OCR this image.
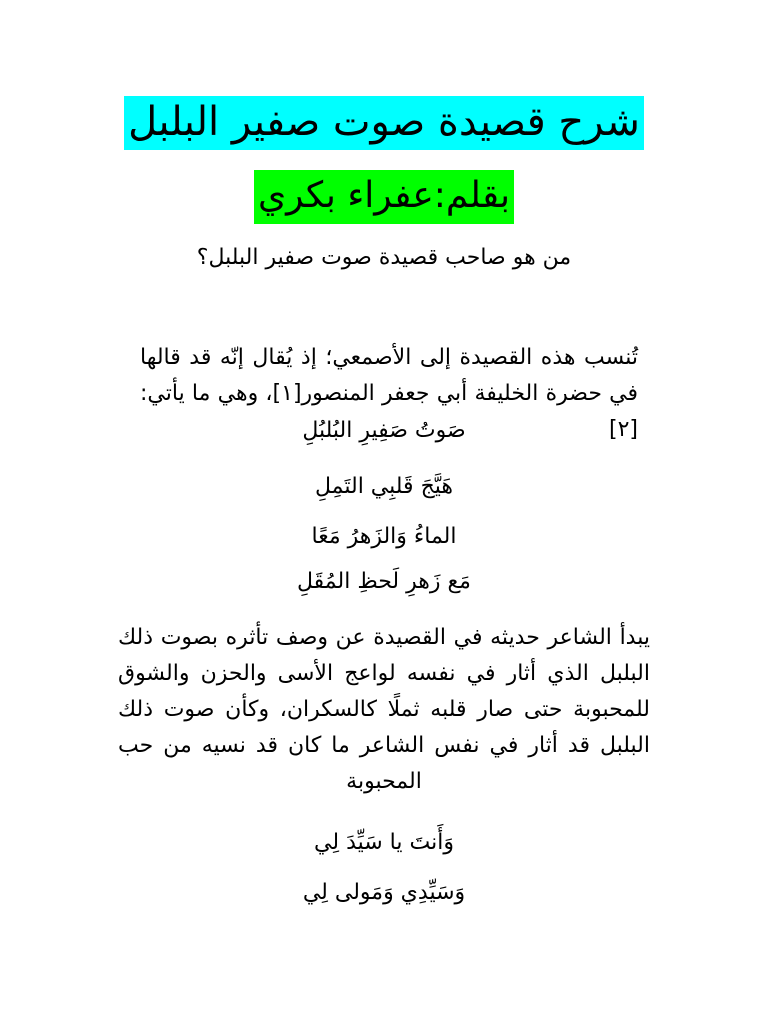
شرح قصيدة صوت صفير البلبل
بقلم:عفراء بكري
من هو صاحب قصيدة صوت صفير البلبل؟
تُنسب هذه القصيدة إلى الأصمعي؛ إذ يُقال إنّه قد قالها في حضرة الخليفة أبي جعفر المنصور[١]، وهي ما يأتي:[٢]
صَوتُ صَفِيرِ البُلبُلِ
هَيَّجَ قَلبِي التَمِلِ
الماءُ وَالزَهرُ مَعًا
مَع زَهرِ لَحظِ المُقَلِ
يبدأ الشاعر حديثه في القصيدة عن وصف تأثره بصوت ذلك البلبل الذي أثار في نفسه لواعج الأسى والحزن والشوق للمحبوبة حتى صار قلبه ثملًا كالسكران، وكأن صوت ذلك البلبل قد أثار في نفس الشاعر ما كان قد نسيه من حب المحبوبة
وَأَنتَ يا سَيِّدَ لِي
وَسَيِّدِي وَمَولى لِي
